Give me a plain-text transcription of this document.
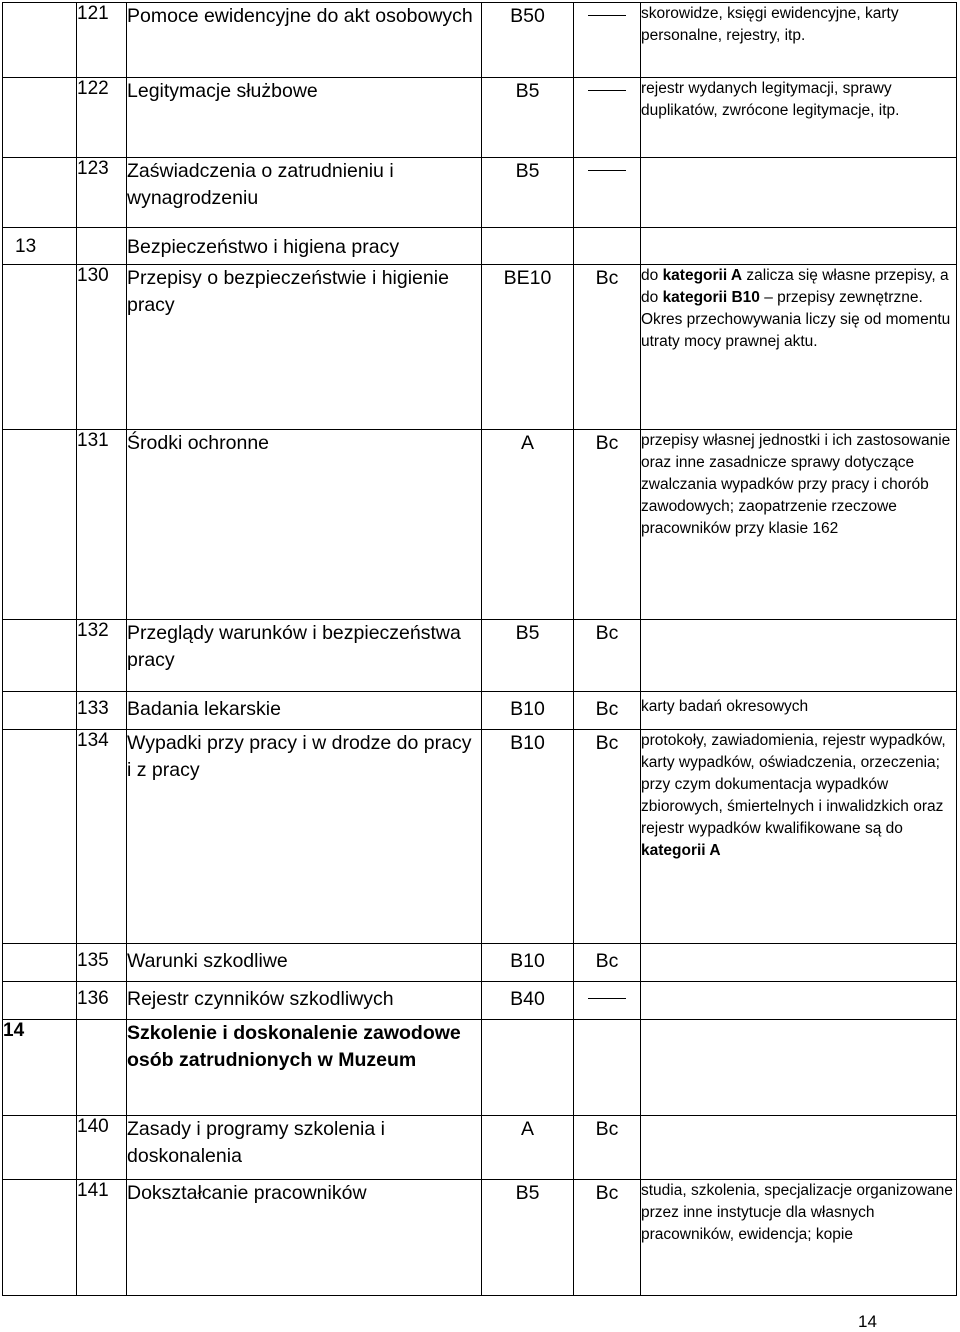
	121	Pomoce ewidencyjne do akt osobowych	B50		skorowidze, księgi ewidencyjne, karty personalne, rejestry, itp.
	122	Legitymacje służbowe	B5		rejestr wydanych legitymacji, sprawy duplikatów, zwrócone legitymacje, itp.
	123	Zaświadczenia o zatrudnieniu i wynagrodzeniu	B5		
13		Bezpieczeństwo i higiena pracy			
	130	Przepisy o bezpieczeństwie i higienie pracy	BE10	Bc	do kategorii A zalicza się własne przepisy, a do kategorii B10 – przepisy zewnętrzne. Okres przechowywania liczy się od momentu utraty mocy prawnej aktu.
	131	Środki ochronne	A	Bc	przepisy własnej jednostki i ich zastosowanie oraz inne zasadnicze sprawy dotyczące zwalczania wypadków przy pracy i chorób zawodowych; zaopatrzenie rzeczowe pracowników przy klasie 162
	132	Przeglądy warunków i bezpieczeństwa pracy	B5	Bc	
	133	Badania lekarskie	B10	Bc	karty badań okresowych
	134	Wypadki przy pracy i w drodze do pracy i z pracy	B10	Bc	protokoły, zawiadomienia, rejestr wypadków, karty wypadków, oświadczenia, orzeczenia; przy czym dokumentacja wypadków zbiorowych, śmiertelnych i inwalidzkich oraz rejestr wypadków kwalifikowane są do kategorii A
	135	Warunki szkodliwe	B10	Bc	
	136	Rejestr czynników szkodliwych	B40		
14		Szkolenie i doskonalenie zawodowe osób zatrudnionych w Muzeum			
	140	Zasady i programy szkolenia i doskonalenia	A	Bc	
	141	Dokształcanie pracowników	B5	Bc	studia, szkolenia, specjalizacje organizowane przez inne instytucje dla własnych pracowników, ewidencja; kopie
14
